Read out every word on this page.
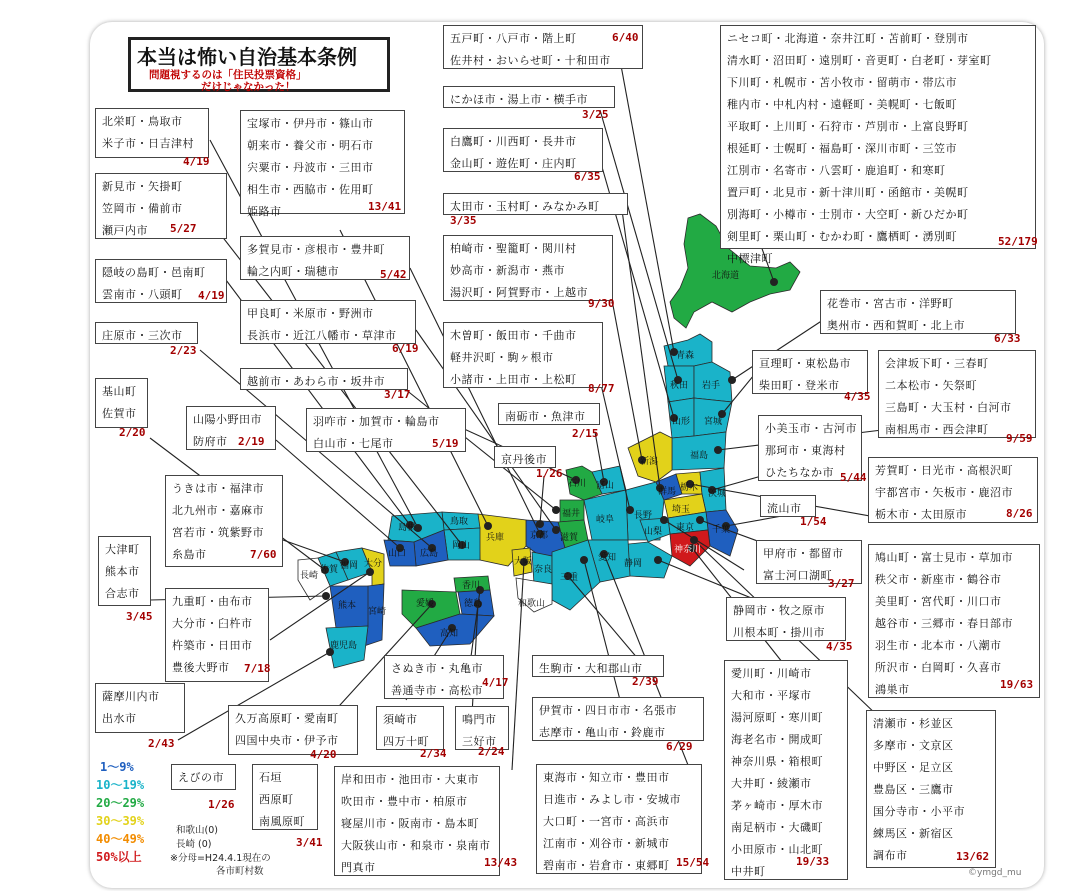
本当は怖い自治基本条例
問題視するのは「住民投票資格」
だけじゃなかった！
北海道
青森
秋田 岩手
山形 宮城
福島
新潟
富山
石川
福井	長野
群馬 栃木
茨城
埼玉
千葉
東京
神奈川
山梨
静岡
岐阜
愛知
滋賀
京都
兵庫
大阪
奈良
三重
和歌山
鳥取
島根
岡山
広島
山口
香川
徳島
愛媛
高知
福岡 大分
佐賀
長崎
熊本
宮崎
鹿児島
北栄町・鳥取市
米子市・日吉津村
4/19
新見市・矢掛町
笠岡市・備前市
瀬戸内市	5/27
隠岐の島町・邑南町
雲南市・八頭町	4/19
庄原市・三次市
2/23
基山町
佐賀市
2/20
山陽小野田市
防府市 2/19
うきは市・福津市
北九州市・嘉麻市
宮若市・筑紫野市
糸島市	7/60
大津町
熊本市
合志市
3/45
九重町・由布市
大分市・臼杵市
杵築市・日田市
豊後大野市	7/18
薩摩川内市
出水市
2/43
久万高原町・愛南町
四国中央市・伊予市
4/20
えびの市
1/26
石垣
西原町
南風原町
3/41
宝塚市・伊丹市・篠山市
朝来市・養父市・明石市
宍粟市・丹波市・三田市
相生市・西脇市・佐用町
姫路市	13/41
多賀見市・彦根市・豊井町
輪之内町・瑞穂市	5/42
甲良町・米原市・野洲市
長浜市・近江八幡市・草津市
6/19
越前市・あわら市・坂井市
3/17
羽咋市・加賀市・輪島市
白山市・七尾市	5/19
五戸町・八戸市・階上町
佐井村・おいらせ町・十和田市
6/40
にかほ市・湯上市・横手市
3/25
白鷹町・川西町・長井市
金山町・遊佐町・庄内町
6/35
太田市・玉村町・みなかみ町
3/35
柏崎市・聖籠町・関川村
妙高市・新潟市・燕市
湯沢町・阿賀野市・上越市
9/30
木曽町・飯田市・千曲市
軽井沢町・駒ヶ根市
小諸市・上田市・上松町
8/77
南砺市・魚津市
2/15
京丹後市
1/26
ニセコ町・北海道・奈井江町・苫前町・登別市
清水町・沼田町・遠別町・音更町・白老町・芽室町
下川町・札幌市・苫小牧市・留萌市・帯広市
稚内市・中札内村・遠軽町・美幌町・七飯町
平取町・上川町・石狩市・芦別市・上富良野町
根延町・士幌町・福島町・深川市町・三笠市
江別市・名寄市・八雲町・鹿追町・和寒町
置戸町・北見市・新十津川町・函館市・美幌町
別海町・小樽市・士別市・大空町・新ひだか町
剣里町・栗山町・むかわ町・鷹栖町・湧別町
中標津町
52/179
花巻市・宮古市・洋野町
奥州市・西和賀町・北上市
6/33
亘理町・東松島市
柴田町・登米市
4/35
会津坂下町・三春町
二本松市・矢祭町
三島町・大玉村・白河市
南相馬市・西会津町
9/59
小美玉市・古河市
那珂市・東海村
ひたちなか市 5/44
芳賀町・日光市・高根沢町
宇都宮市・矢板市・鹿沼市
栃木市・太田原市	8/26
流山市
1/54
甲府市・都留市
富士河口湖町
3/27
鳩山町・富士見市・草加市
秩父市・新座市・鶴谷市
美里町・宮代町・川口市
越谷市・三郷市・春日部市
羽生市・北本市・八潮市
所沢市・白岡町・久喜市
鴻巣市	19/63
静岡市・牧之原市
川根本町・掛川市
4/35
生駒市・大和郡山市
2/39
さぬき市・丸亀市
善通寺市・高松市
4/17
須崎市
四万十町
2/34
鳴門市
三好市
2/24
伊賀市・四日市市・名張市
志摩市・亀山市・鈴鹿市
6/29
岸和田市・池田市・大東市
吹田市・豊中市・柏原市
寝屋川市・阪南市・島本町
大阪狭山市・和泉市・泉南市
門真市	13/43
東海市・知立市・豊田市
日進市・みよし市・安城市
大口町・一宮市・高浜市
江南市・刈谷市・新城市
碧南市・岩倉市・東郷町 15/54
愛川町・川崎市
大和市・平塚市
湯河原町・寒川町
海老名市・開成町
神奈川県・箱根町
大井町・綾瀬市
茅ヶ崎市・厚木市
南足柄市・大磯町
小田原市・山北町
中井町
19/33
清瀬市・杉並区
多摩市・文京区
中野区・足立区
豊島区・三鷹市
国分寺市・小平市
練馬区・新宿区
調布市	13/62
1〜9%
10〜19%
20〜29%
30〜39%
40〜49%
50%以上
和歌山(0)
長崎 (0)
※分母=H24.4.1現在の
各市町村数	©ymgd_mu
